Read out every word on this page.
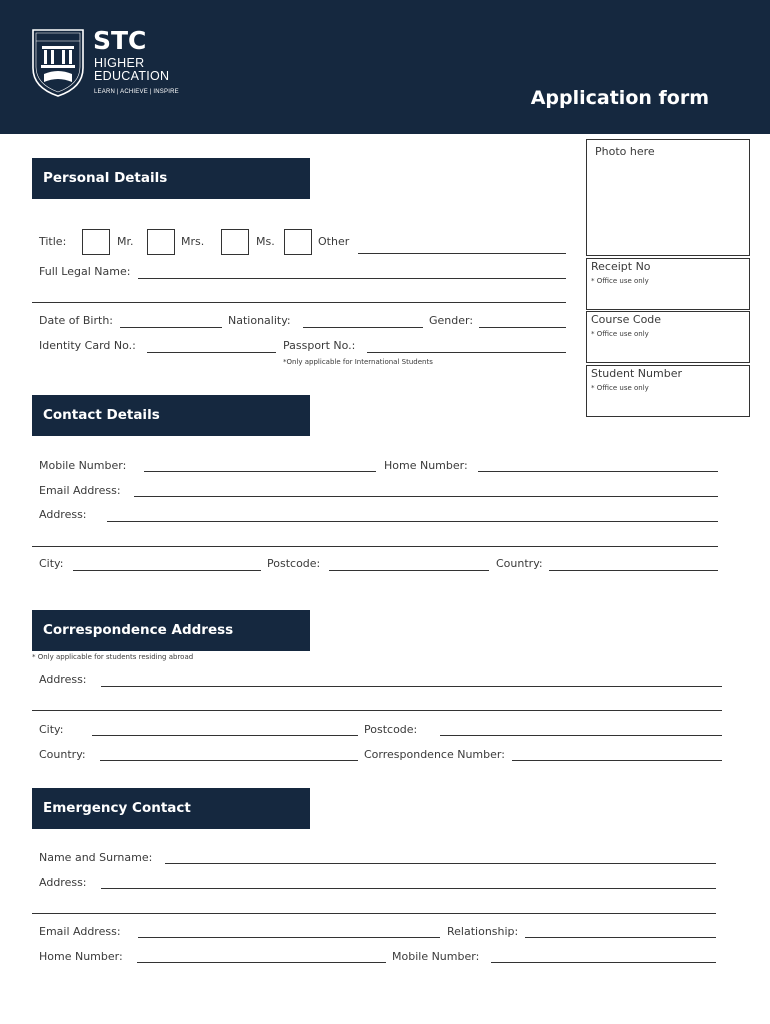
STC
HIGHER
EDUCATION
LEARN | ACHIEVE | INSPIRE	Application form
Photo here
Receipt No
* Office use only
Course Code
* Office use only
Student Number
* Office use only
Personal Details
Title:	Mr.	Mrs.	Ms.	Other
Full Legal Name:
Date of Birth:	Nationality:	Gender:
Identity Card No.:	Passport No.:
*Only applicable for International Students
Contact Details
Mobile Number:	Home Number:
Email Address:
Address:
City:	Postcode:	Country:
Correspondence Address
* Only applicable for students residing abroad
Address:
City:	Postcode:
Country:	Correspondence Number:
Emergency Contact
Name and Surname:
Address:
Email Address:	Relationship:
Home Number:	Mobile Number:
